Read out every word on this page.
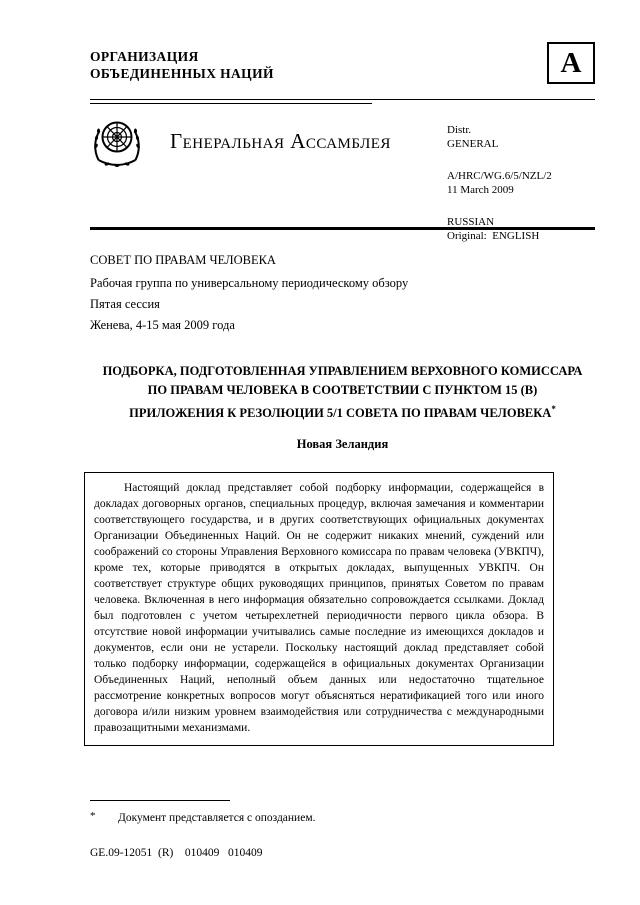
ОРГАНИЗАЦИЯ
ОБЪЕДИНЕННЫХ НАЦИЙ	A
Генеральная Ассамблея	Distr.
GENERAL
A/HRC/WG.6/5/NZL/2
11 March 2009
RUSSIAN
Original:  ENGLISH
СОВЕТ ПО ПРАВАМ ЧЕЛОВЕКА
Рабочая группа по универсальному периодическому обзору
Пятая сессия
Женева, 4-15 мая 2009 года
ПОДБОРКА, ПОДГОТОВЛЕННАЯ УПРАВЛЕНИЕМ ВЕРХОВНОГО КОМИССАРА ПО ПРАВАМ ЧЕЛОВЕКА В СООТВЕТСТВИИ С ПУНКТОМ 15 (В) ПРИЛОЖЕНИЯ К РЕЗОЛЮЦИИ 5/1 СОВЕТА ПО ПРАВАМ ЧЕЛОВЕКА*
Новая Зеландия

Настоящий доклад представляет собой подборку информации, содержащейся в докладах договорных органов, специальных процедур, включая замечания и комментарии соответствующего государства, и в других соответствующих официальных документах Организации Объединенных Наций. Он не содержит никаких мнений, суждений или соображений со стороны Управления Верховного комиссара по правам человека (УВКПЧ), кроме тех, которые приводятся в открытых докладах, выпущенных УВКПЧ. Он соответствует структуре общих руководящих принципов, принятых Советом по правам человека. Включенная в него информация обязательно сопровождается ссылками. Доклад был подготовлен с учетом четырехлетней периодичности первого цикла обзора. В отсутствие новой информации учитывались самые последние из имеющихся докладов и документов, если они не устарели. Поскольку настоящий доклад представляет собой только подборку информации, содержащейся в официальных документах Организации Объединенных Наций, неполный объем данных или недостаточно тщательное рассмотрение конкретных вопросов могут объясняться нератификацией того или иного договора и/или низким уровнем взаимодействия или сотрудничества с международными правозащитными механизмами.

* Документ представляется с опозданием.
GE.09-12051  (R)    010409   010409
